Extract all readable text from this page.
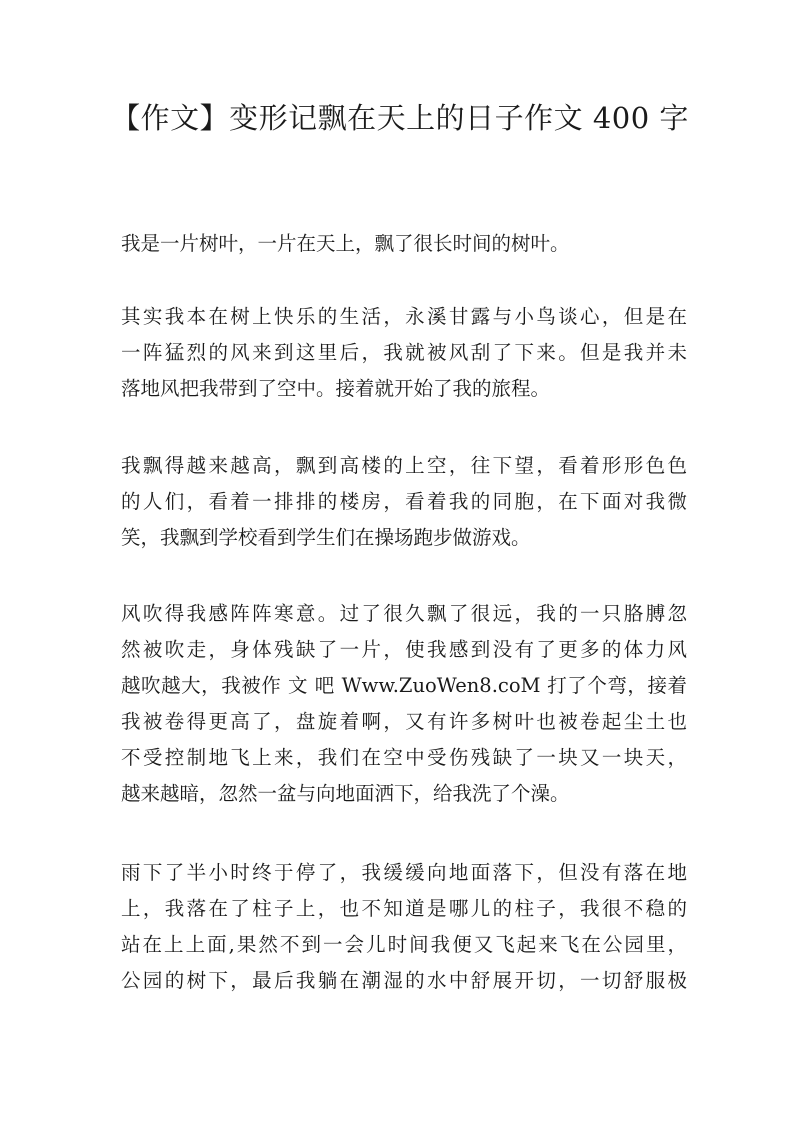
【作文】变形记飘在天上的日子作文 400 字
我是一片树叶，一片在天上，飘了很长时间的树叶。
其实我本在树上快乐的生活，永溪甘露与小鸟谈心，但是在
一阵猛烈的风来到这里后，我就被风刮了下来。但是我并未
落地风把我带到了空中。接着就开始了我的旅程。
我飘得越来越高，飘到高楼的上空，往下望，看着形形色色
的人们，看着一排排的楼房，看着我的同胞，在下面对我微
笑，我飘到学校看到学生们在操场跑步做游戏。
风吹得我感阵阵寒意。过了很久飘了很远，我的一只胳膊忽
然被吹走，身体残缺了一片，使我感到没有了更多的体力风
越吹越大，我被作 文 吧 Www.ZuoWen8.coM 打了个弯，接着
我被卷得更高了，盘旋着啊，又有许多树叶也被卷起尘土也
不受控制地飞上来，我们在空中受伤残缺了一块又一块天，
越来越暗，忽然一盆与向地面洒下，给我洗了个澡。
雨下了半小时终于停了，我缓缓向地面落下，但没有落在地
上，我落在了柱子上，也不知道是哪儿的柱子，我很不稳的
站在上上面,果然不到一会儿时间我便又飞起来飞在公园里，
公园的树下，最后我躺在潮湿的水中舒展开切，一切舒服极
